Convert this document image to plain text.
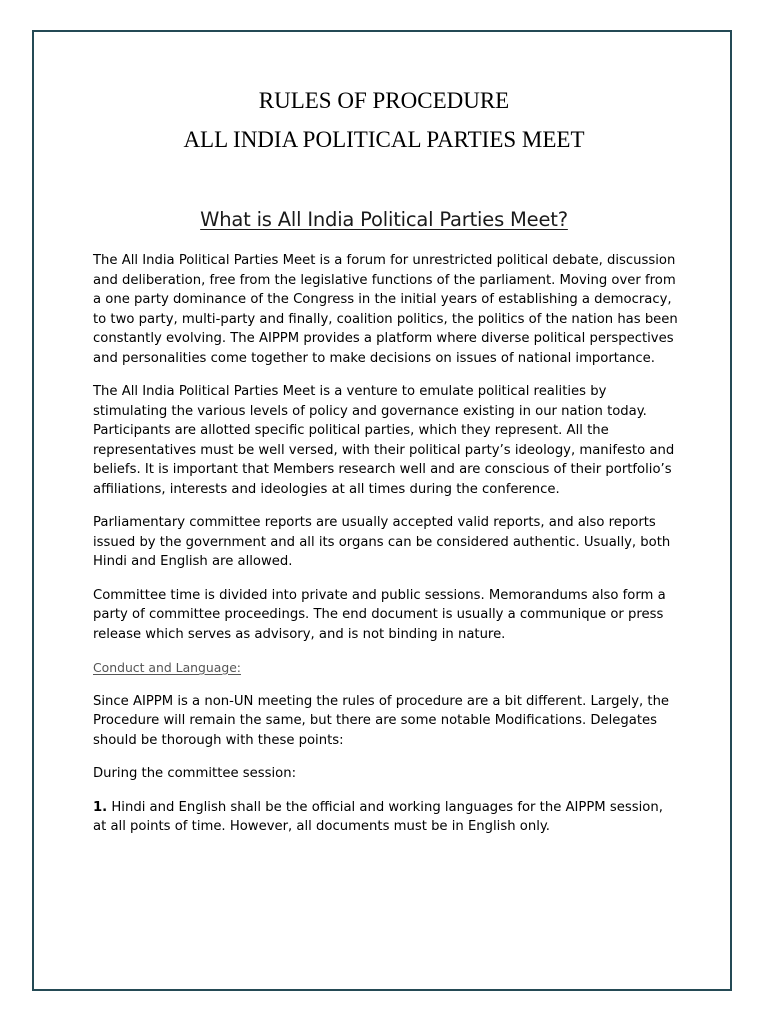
RULES OF PROCEDURE
ALL INDIA POLITICAL PARTIES MEET
What is All India Political Parties Meet?

The All India Political Parties Meet is a forum for unrestricted political debate, discussion and deliberation, free from the legislative functions of the parliament. Moving over from a one party dominance of the Congress in the initial years of establishing a democracy, to two party, multi-party and finally, coalition politics, the politics of the nation has been constantly evolving. The AIPPM provides a platform where diverse political perspectives and personalities come together to make decisions on issues of national importance.

The All India Political Parties Meet is a venture to emulate political realities by stimulating the various levels of policy and governance existing in our nation today. Participants are allotted specific political parties, which they represent. All the representatives must be well versed, with their political party’s ideology, manifesto and beliefs. It is important that Members research well and are conscious of their portfolio’s affiliations, interests and ideologies at all times during the conference.

Parliamentary committee reports are usually accepted valid reports, and also reports issued by the government and all its organs can be considered authentic. Usually, both Hindi and English are allowed.

Committee time is divided into private and public sessions. Memorandums also form a party of committee proceedings. The end document is usually a communique or press release which serves as advisory, and is not binding in nature.

Conduct and Language:

Since AIPPM is a non-UN meeting the rules of procedure are a bit different. Largely, the Procedure will remain the same, but there are some notable Modifications. Delegates should be thorough with these points:

During the committee session:

1. Hindi and English shall be the official and working languages for the AIPPM session, at all points of time. However, all documents must be in English only.
